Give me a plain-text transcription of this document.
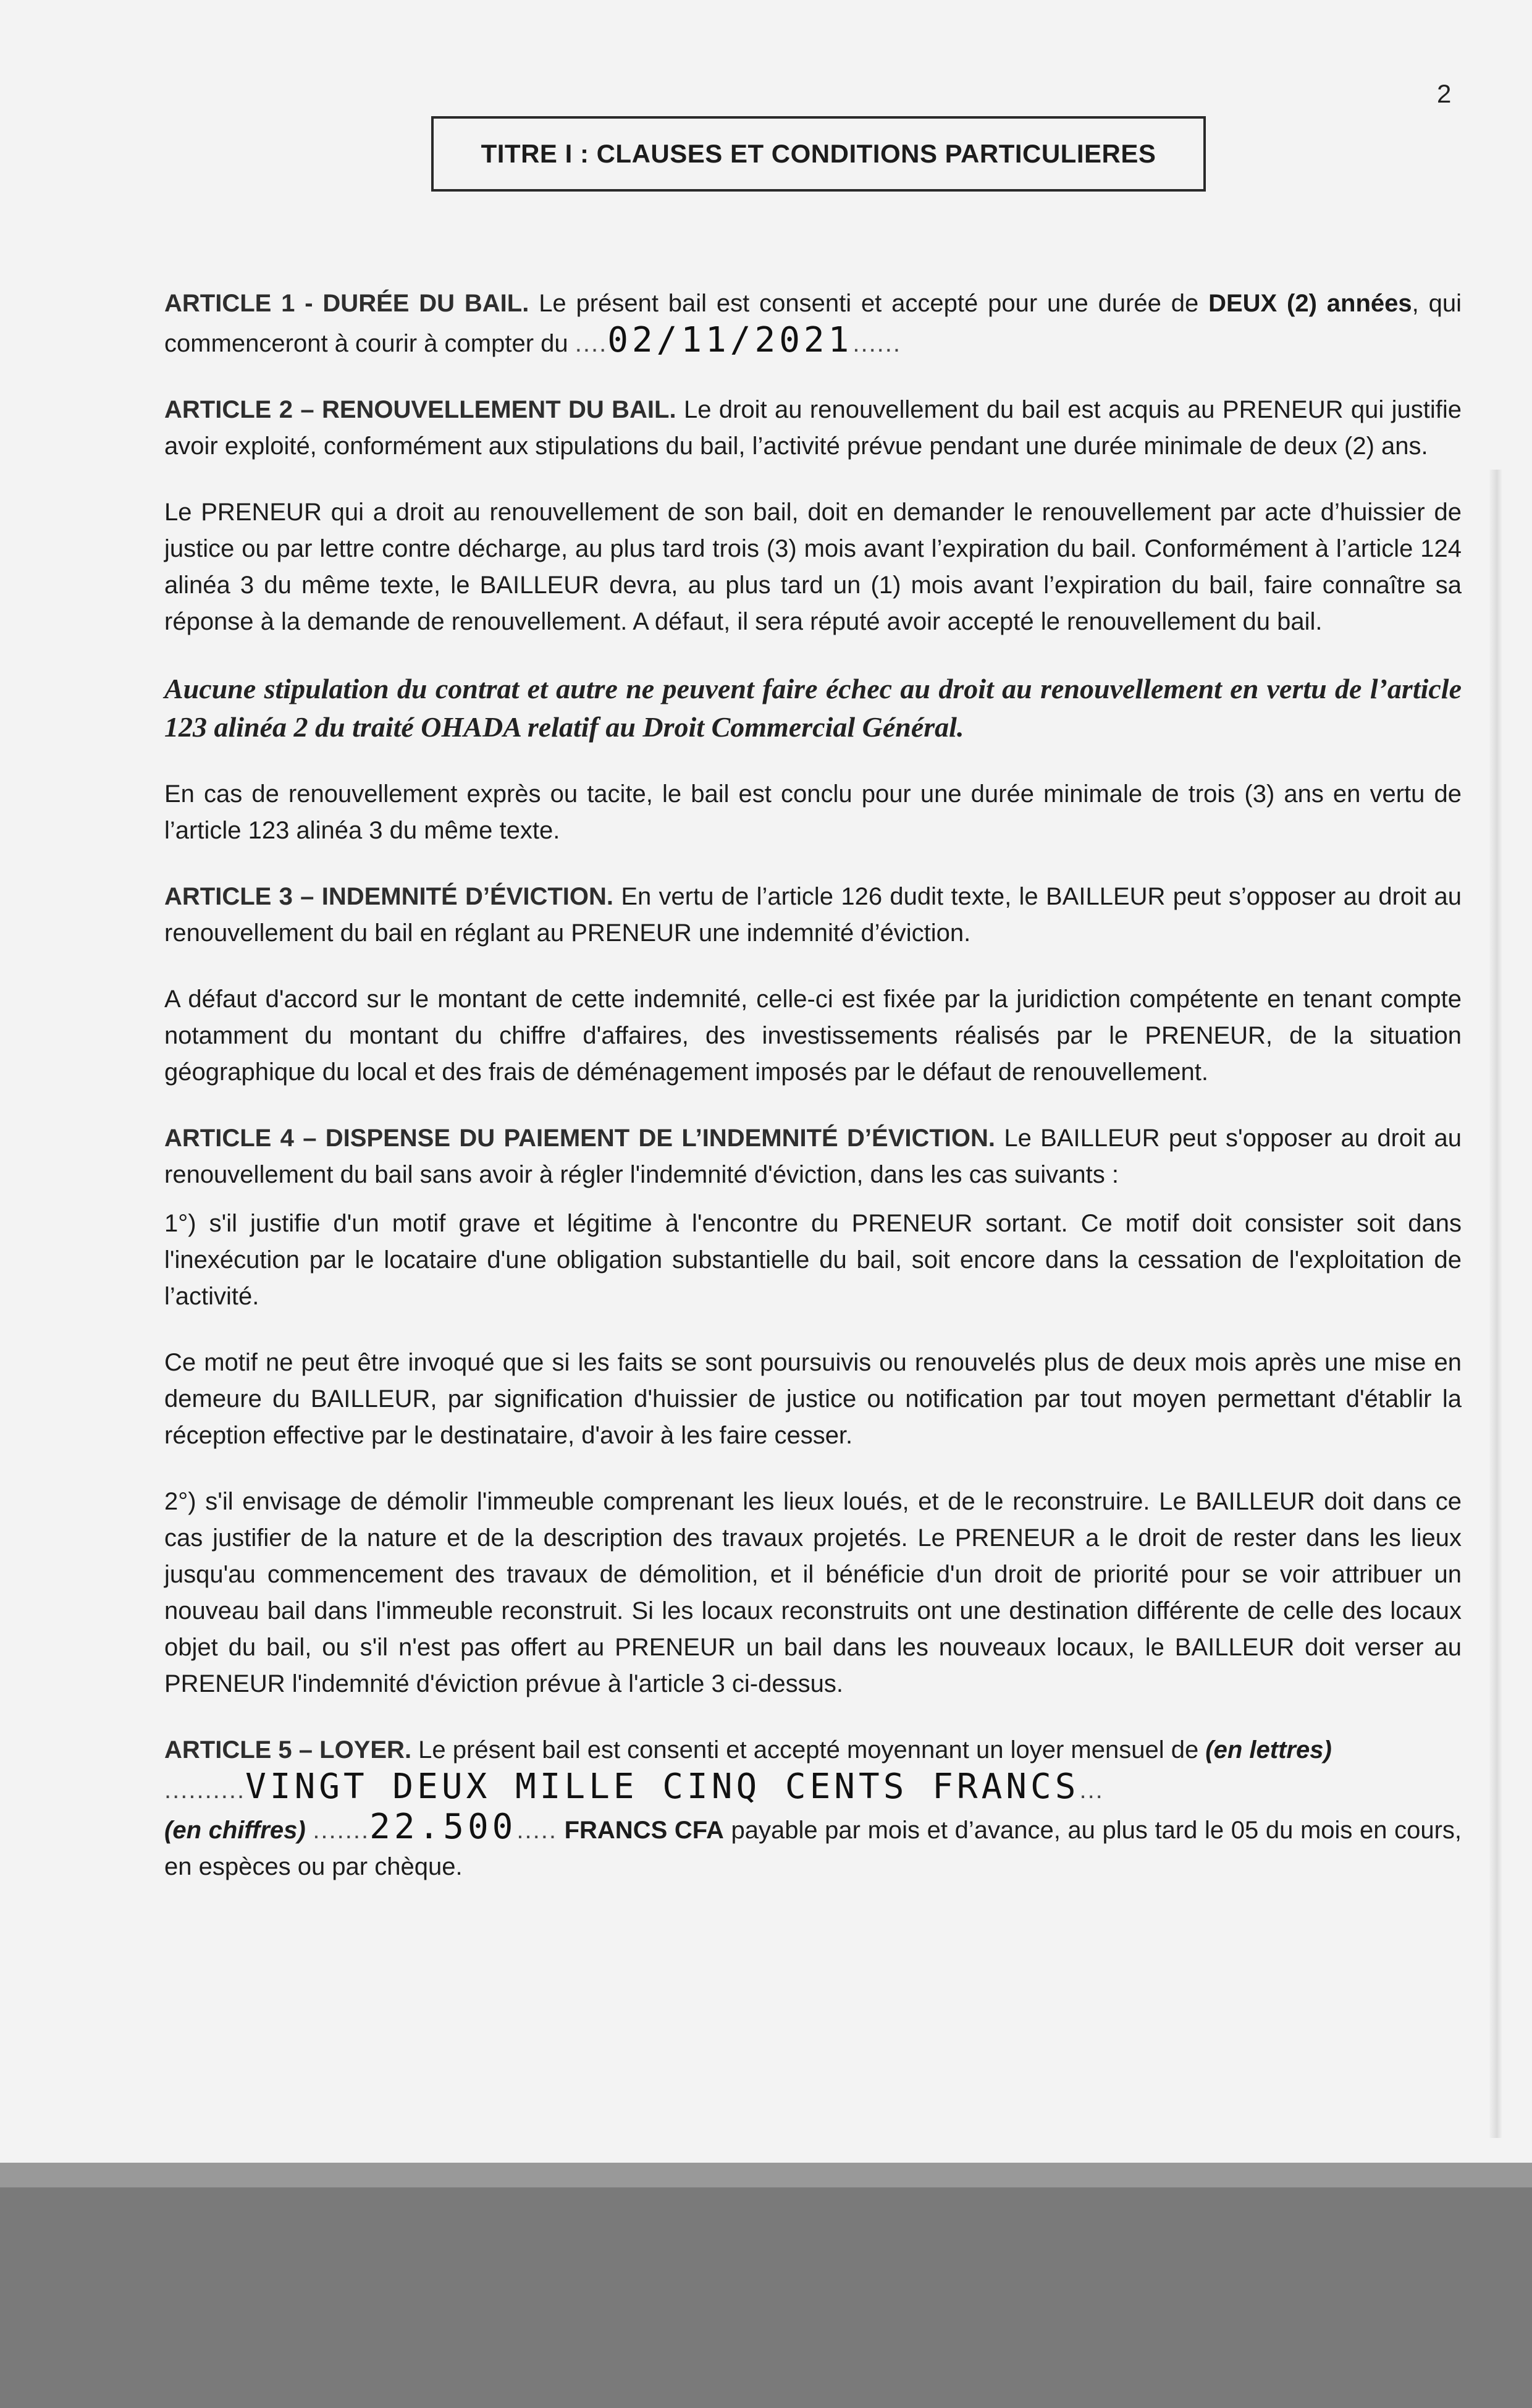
2
TITRE I : CLAUSES ET CONDITIONS PARTICULIERES

ARTICLE 1 - DURÉE DU BAIL. Le présent bail est consenti et accepté pour une durée de DEUX (2) années, qui commenceront à courir à compter du ....02/11/2021......

ARTICLE 2 – RENOUVELLEMENT DU BAIL. Le droit au renouvellement du bail est acquis au PRENEUR qui justifie avoir exploité, conformément aux stipulations du bail, l’activité prévue pendant une durée minimale de deux (2) ans.

Le PRENEUR qui a droit au renouvellement de son bail, doit en demander le renouvellement par acte d’huissier de justice ou par lettre contre décharge, au plus tard trois (3) mois avant l’expiration du bail. Conformément à l’article 124 alinéa 3 du même texte, le BAILLEUR devra, au plus tard un (1) mois avant l’expiration du bail, faire connaître sa réponse à la demande de renouvellement. A défaut, il sera réputé avoir accepté le renouvellement du bail.

Aucune stipulation du contrat et autre ne peuvent faire échec au droit au renouvellement en vertu de l’article 123 alinéa 2 du traité OHADA relatif au Droit Commercial Général.

En cas de renouvellement exprès ou tacite, le bail est conclu pour une durée minimale de trois (3) ans en vertu de l’article 123 alinéa 3 du même texte.

ARTICLE 3 – INDEMNITÉ D’ÉVICTION. En vertu de l’article 126 dudit texte, le BAILLEUR peut s’opposer au droit au renouvellement du bail en réglant au PRENEUR une indemnité d’éviction.

A défaut d'accord sur le montant de cette indemnité, celle-ci est fixée par la juridiction compétente en tenant compte notamment du montant du chiffre d'affaires, des investissements réalisés par le PRENEUR, de la situation géographique du local et des frais de déménagement imposés par le défaut de renouvellement.

ARTICLE 4 – DISPENSE DU PAIEMENT DE L’INDEMNITÉ D’ÉVICTION. Le BAILLEUR peut s'opposer au droit au renouvellement du bail sans avoir à régler l'indemnité d'éviction, dans les cas suivants :

1°) s'il justifie d'un motif grave et légitime à l'encontre du PRENEUR sortant. Ce motif doit consister soit dans l'inexécution par le locataire d'une obligation substantielle du bail, soit encore dans la cessation de l'exploitation de l’activité.

Ce motif ne peut être invoqué que si les faits se sont poursuivis ou renouvelés plus de deux mois après une mise en demeure du BAILLEUR, par signification d'huissier de justice ou notification par tout moyen permettant d'établir la réception effective par le destinataire, d'avoir à les faire cesser.

2°) s'il envisage de démolir l'immeuble comprenant les lieux loués, et de le reconstruire. Le BAILLEUR doit dans ce cas justifier de la nature et de la description des travaux projetés. Le PRENEUR a le droit de rester dans les lieux jusqu'au commencement des travaux de démolition, et il bénéficie d'un droit de priorité pour se voir attribuer un nouveau bail dans l'immeuble reconstruit. Si les locaux reconstruits ont une destination différente de celle des locaux objet du bail, ou s'il n'est pas offert au PRENEUR un bail dans les nouveaux locaux, le BAILLEUR doit verser au PRENEUR l'indemnité d'éviction prévue à l'article 3 ci-dessus.

ARTICLE 5 – LOYER. Le présent bail est consenti et accepté moyennant un loyer mensuel de (en lettres)
..........VINGT DEUX MILLE CINQ CENTS FRANCS...
(en chiffres) .......22.500..... FRANCS CFA payable par mois et d’avance, au plus tard le 05 du mois en cours, en espèces ou par chèque.
